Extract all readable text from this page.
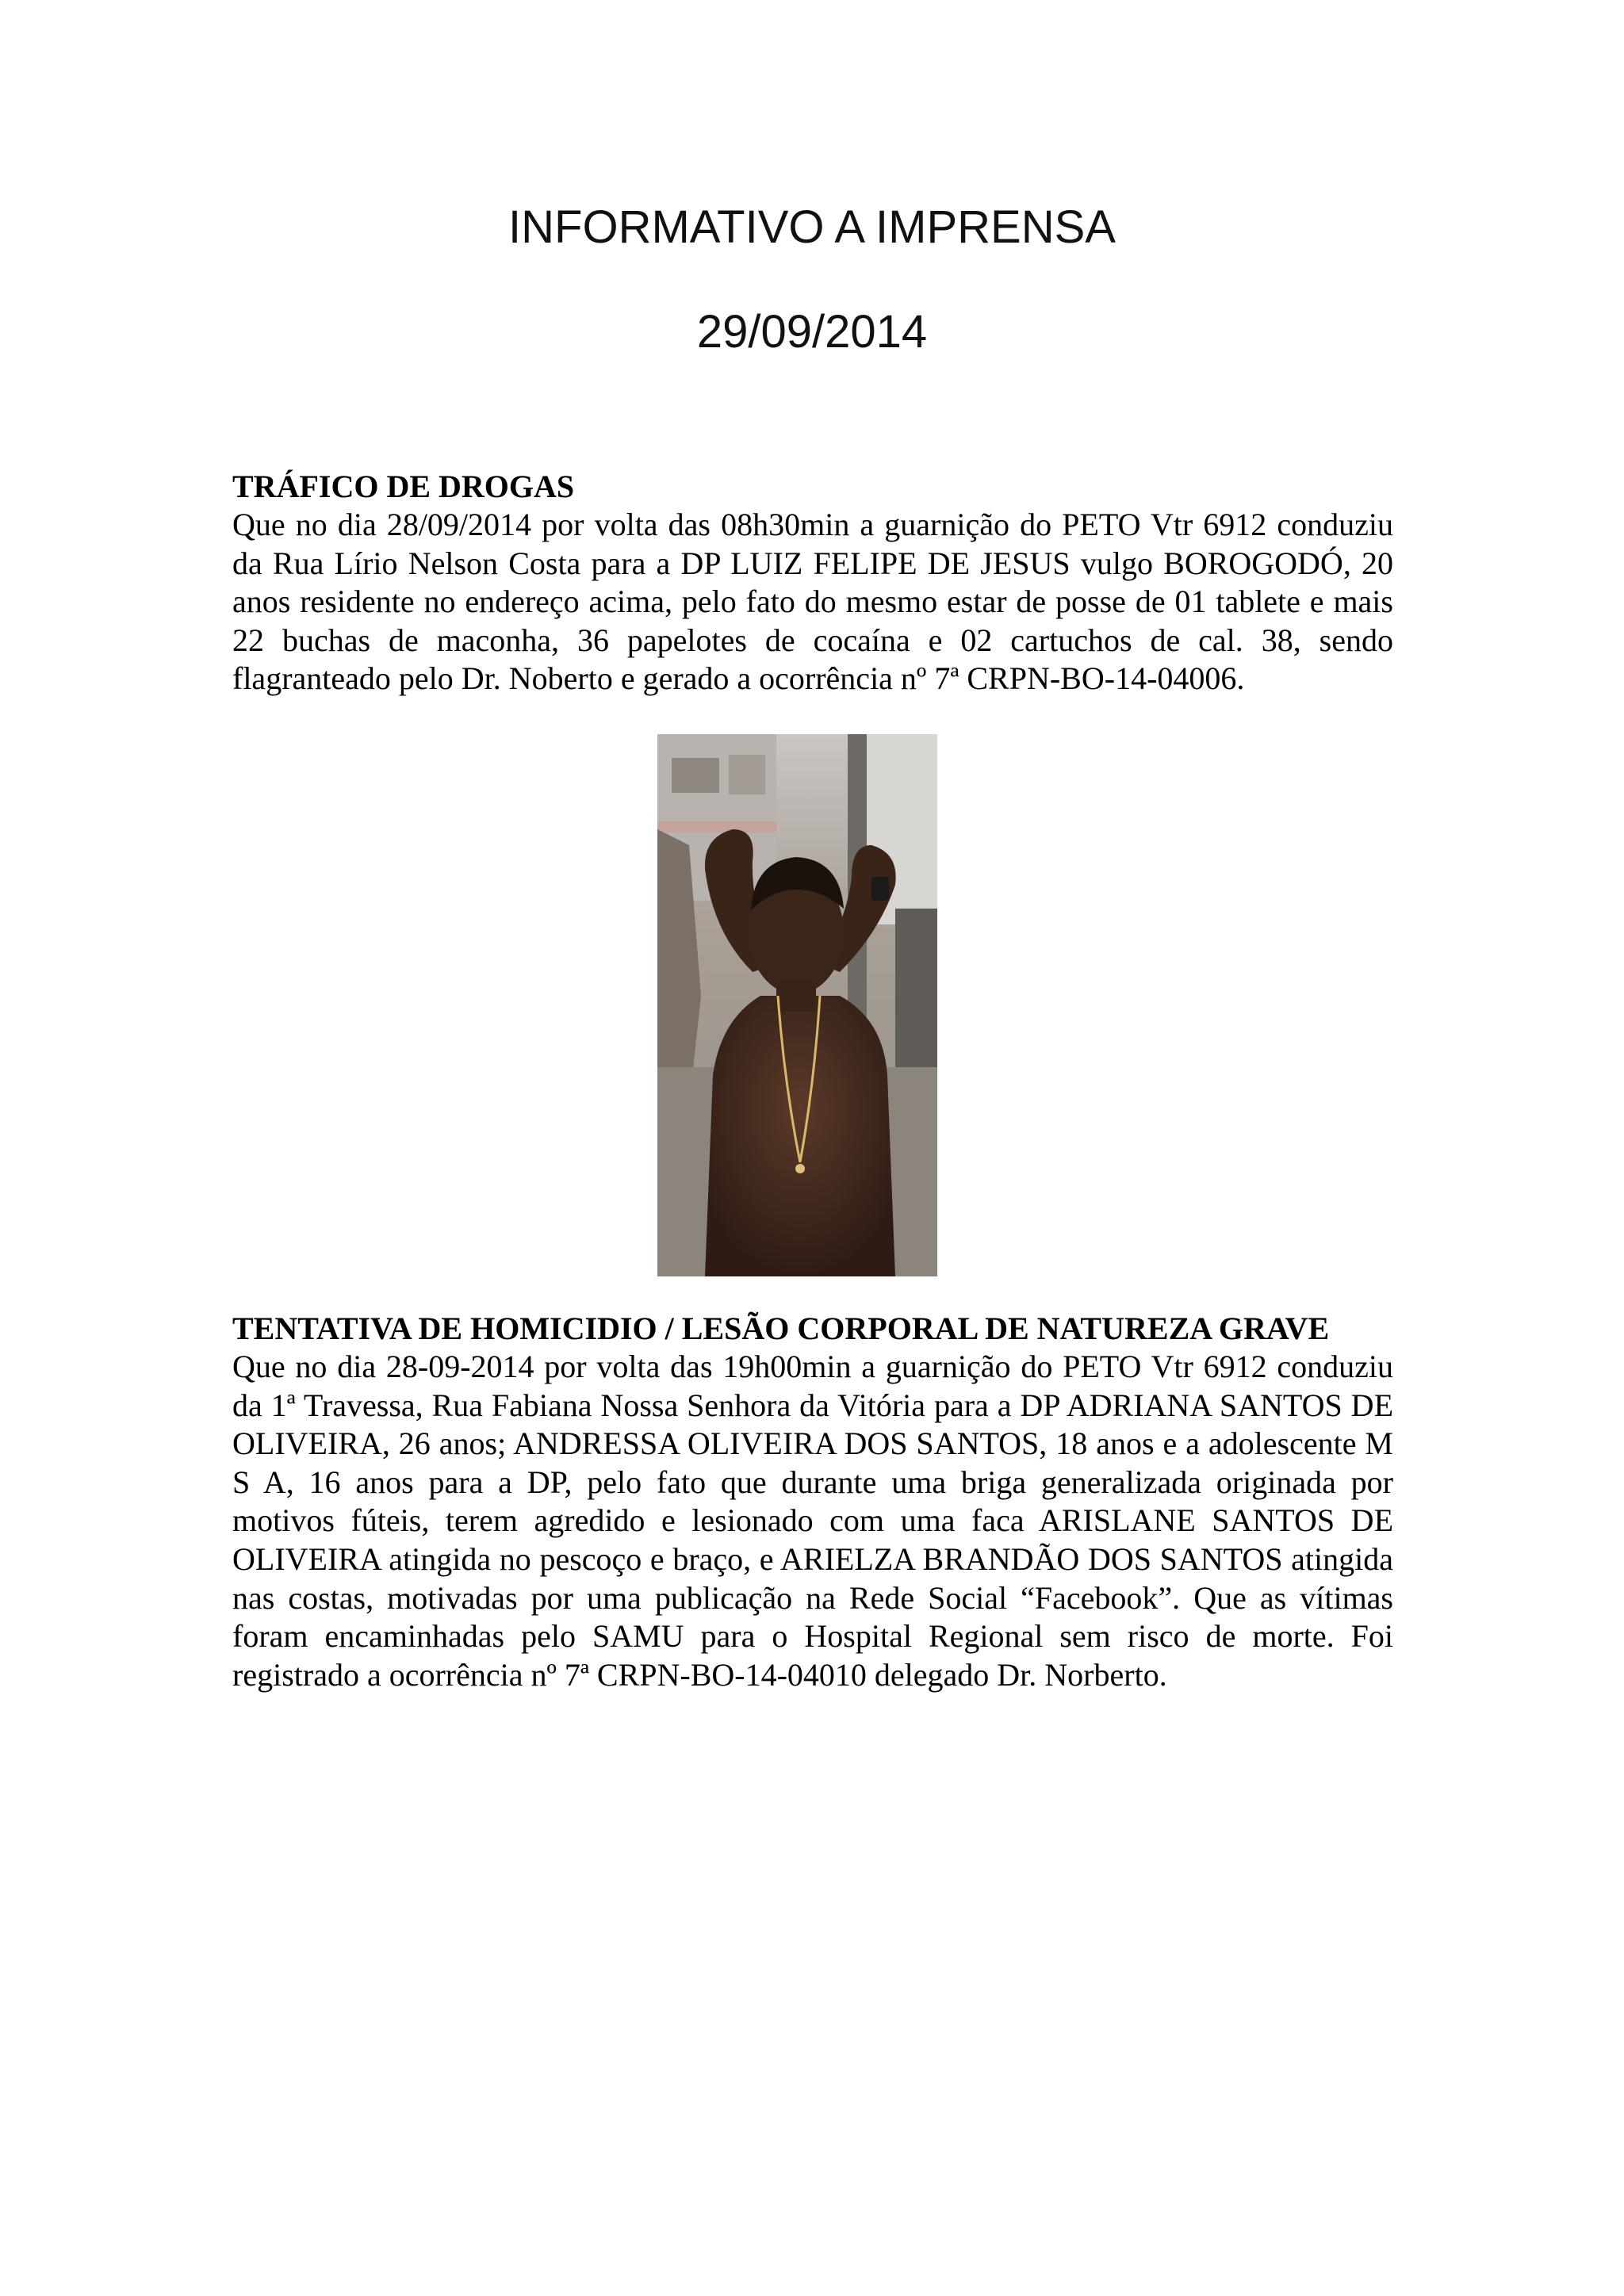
INFORMATIVO A IMPRENSA
29/09/2014

TRÁFICO DE DROGAS

Que no dia 28/09/2014 por volta das 08h30min a guarnição do PETO Vtr 6912 conduziu da Rua Lírio Nelson Costa para a DP LUIZ FELIPE DE JESUS vulgo BOROGODÓ, 20 anos residente no endereço acima, pelo fato do mesmo estar de posse de 01 tablete e mais 22 buchas de maconha, 36 papelotes de cocaína e 02 cartuchos de cal. 38, sendo flagranteado pelo Dr. Noberto e gerado a ocorrência nº 7ª CRPN-BO-14-04006.

TENTATIVA DE HOMICIDIO / LESÃO CORPORAL DE NATUREZA GRAVE

Que no dia 28-09-2014 por volta das 19h00min a guarnição do PETO Vtr 6912 conduziu da 1ª Travessa, Rua Fabiana Nossa Senhora da Vitória para a DP ADRIANA SANTOS DE OLIVEIRA, 26 anos; ANDRESSA OLIVEIRA DOS SANTOS, 18 anos e a adolescente M S A, 16 anos para a DP, pelo fato que durante uma briga generalizada originada por motivos fúteis, terem agredido e lesionado com uma faca ARISLANE SANTOS DE OLIVEIRA atingida no pescoço e braço, e ARIELZA BRANDÃO DOS SANTOS atingida nas costas, motivadas por uma publicação na Rede Social “Facebook”. Que as vítimas foram encaminhadas pelo SAMU para o Hospital Regional sem risco de morte. Foi registrado a ocorrência nº 7ª CRPN-BO-14-04010 delegado Dr. Norberto.
